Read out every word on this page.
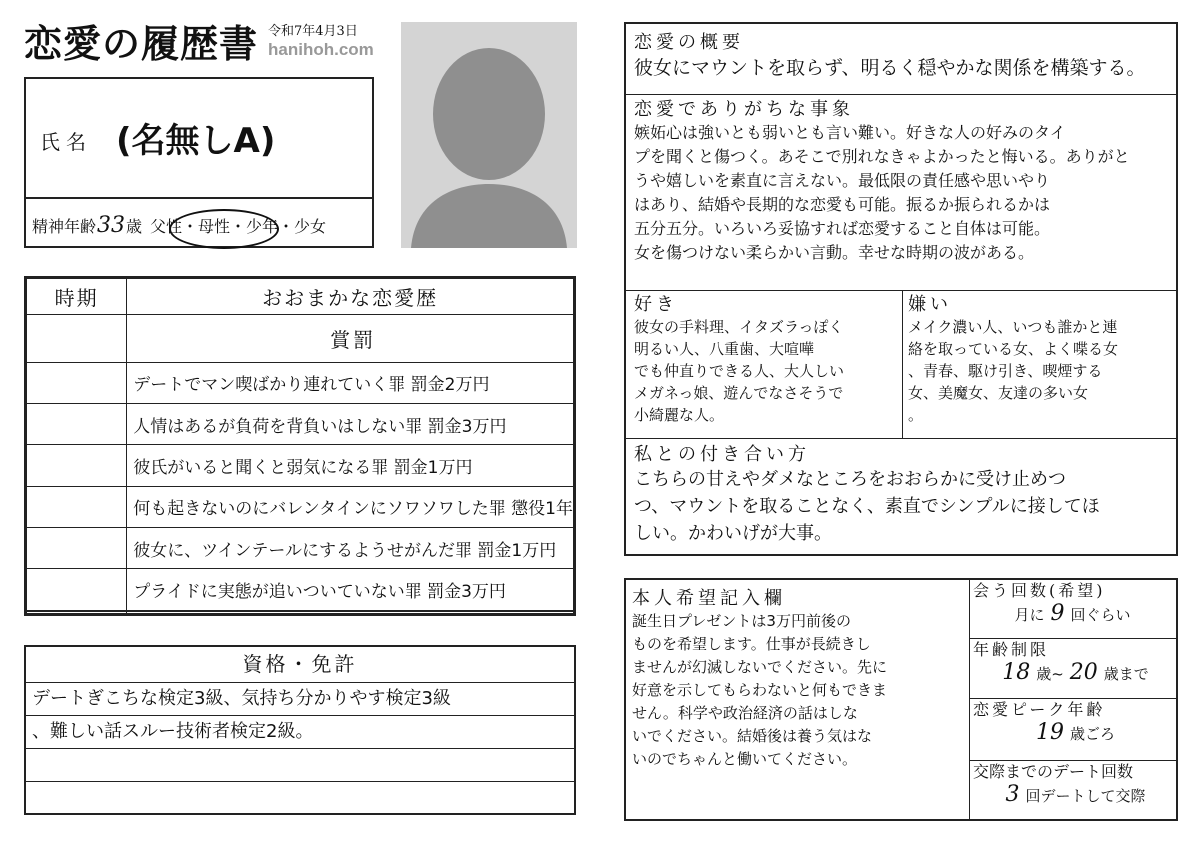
恋愛の履歴書 令和7年4月3日
hanihoh.com
氏名 (名無しA)
精神年齢33歳 父性・母性・少年・少女
時期	おおまかな恋愛歴
	賞罰
	デートでマン喫ばかり連れていく罪 罰金2万円
	人情はあるが負荷を背負いはしない罪 罰金3万円
	彼氏がいると聞くと弱気になる罪 罰金1万円
	何も起きないのにバレンタインにソワソワした罪 懲役1年
	彼女に、ツインテールにするようせがんだ罪 罰金1万円
	プライドに実態が追いついていない罪 罰金3万円

資格・免許
デートぎこちな検定3級、気持ち分かりやす検定3級
、難しい話スルー技術者検定2級。
恋愛の概要
彼女にマウントを取らず、明るく穏やかな関係を構築する。
恋愛でありがちな事象
嫉妬心は強いとも弱いとも言い難い。好きな人の好みのタイ
プを聞くと傷つく。あそこで別れなきゃよかったと悔いる。ありがと
うや嬉しいを素直に言えない。最低限の責任感や思いやり
はあり、結婚や長期的な恋愛も可能。振るか振られるかは
五分五分。いろいろ妥協すれば恋愛すること自体は可能。
女を傷つけない柔らかい言動。幸せな時期の波がある。
好き
彼女の手料理、イタズラっぽく
明るい人、八重歯、大喧嘩
でも仲直りできる人、大人しい
メガネっ娘、遊んでなさそうで
小綺麗な人。
嫌い
メイク濃い人、いつも誰かと連
絡を取っている女、よく喋る女
、青春、駆け引き、喫煙する
女、美魔女、友達の多い女
。
私との付き合い方
こちらの甘えやダメなところをおおらかに受け止めつ
つ、マウントを取ることなく、素直でシンプルに接してほ
しい。かわいげが大事。
本人希望記入欄
誕生日プレゼントは3万円前後の
ものを希望します。仕事が長続きし
ませんが幻滅しないでください。先に
好意を示してもらわないと何もできま
せん。科学や政治経済の話はしな
いでください。結婚後は養う気はな
いのでちゃんと働いてください。
会う回数(希望)
月に 9 回ぐらい
年齢制限
18 歳~ 20 歳まで
恋愛ピーク年齢
19 歳ごろ
交際までのデート回数
3 回デートして交際
